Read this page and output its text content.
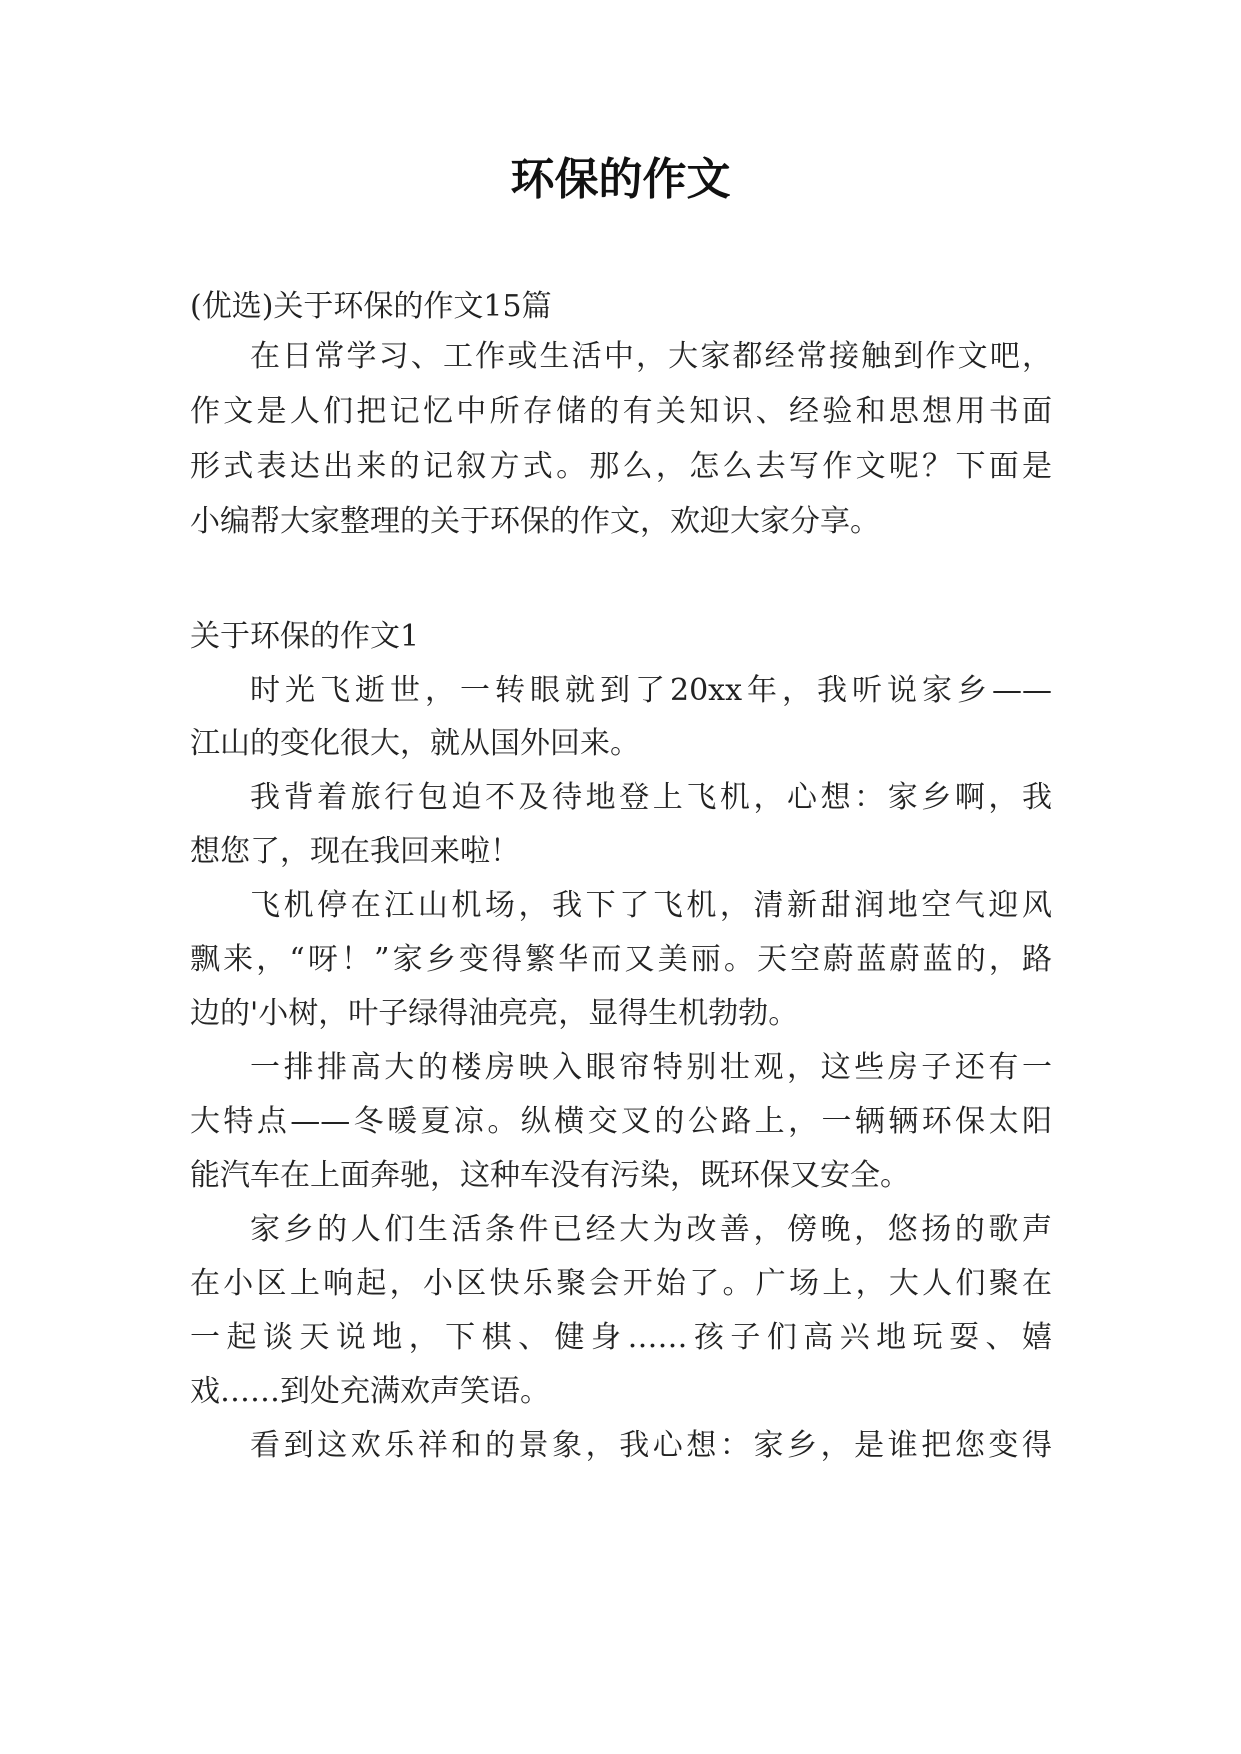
环保的作文
(优选)关于环保的作文15篇
在日常学习、工作或生活中，大家都经常接触到作文吧，
作文是人们把记忆中所存储的有关知识、经验和思想用书面
形式表达出来的记叙方式。那么，怎么去写作文呢？下面是
小编帮大家整理的关于环保的作文，欢迎大家分享。
关于环保的作文1
时光飞逝世，一转眼就到了20xx年，我听说家乡——
江山的变化很大，就从国外回来。
我背着旅行包迫不及待地登上飞机，心想：家乡啊，我
想您了，现在我回来啦！
飞机停在江山机场，我下了飞机，清新甜润地空气迎风
飘来，“呀！”家乡变得繁华而又美丽。天空蔚蓝蔚蓝的，路
边的'小树，叶子绿得油亮亮，显得生机勃勃。
一排排高大的楼房映入眼帘特别壮观，这些房子还有一
大特点——冬暖夏凉。纵横交叉的公路上，一辆辆环保太阳
能汽车在上面奔驰，这种车没有污染，既环保又安全。
家乡的人们生活条件已经大为改善，傍晚，悠扬的歌声
在小区上响起，小区快乐聚会开始了。广场上，大人们聚在
一起谈天说地，下棋、健身……孩子们高兴地玩耍、嬉
戏……到处充满欢声笑语。
看到这欢乐祥和的景象，我心想：家乡，是谁把您变得
